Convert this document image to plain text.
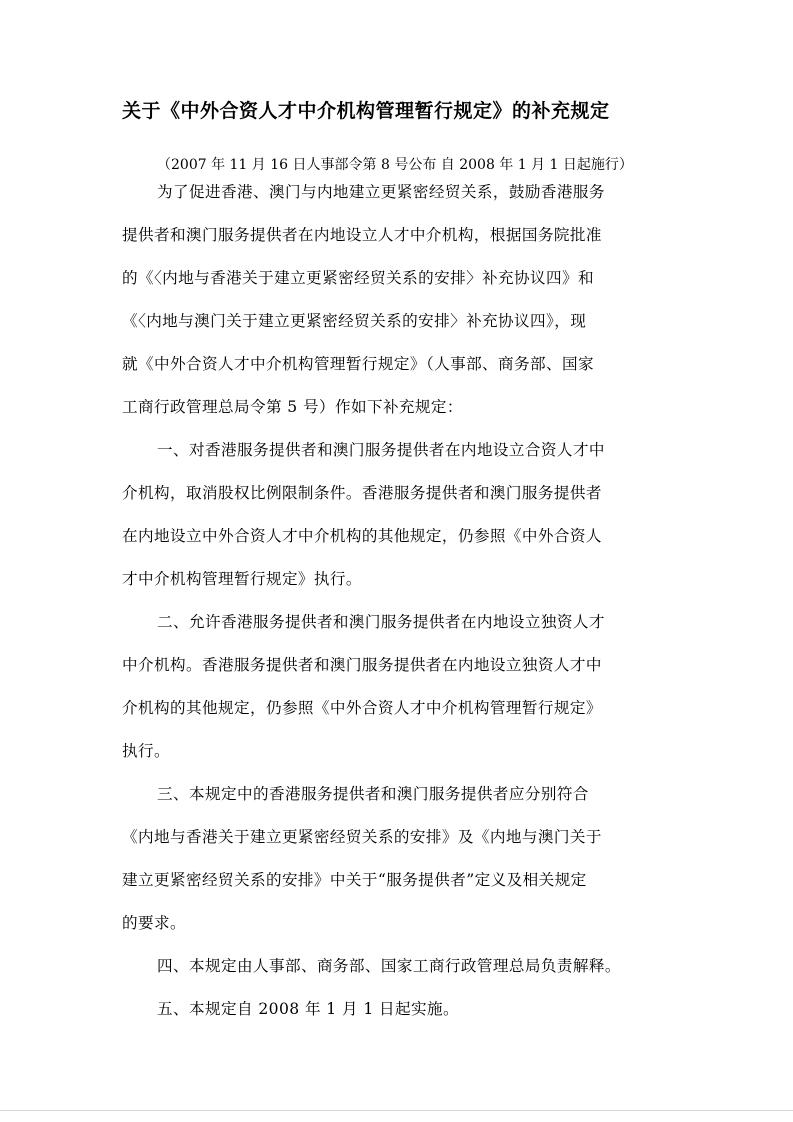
关于《中外合资人才中介机构管理暂行规定》的补充规定
（2007 年 11 月 16 日人事部令第 8 号公布 自 2008 年 1 月 1 日起施行）
为了促进香港、澳门与内地建立更紧密经贸关系，鼓励香港服务
提供者和澳门服务提供者在内地设立人才中介机构，根据国务院批准
的《〈内地与香港关于建立更紧密经贸关系的安排〉补充协议四》和
《〈内地与澳门关于建立更紧密经贸关系的安排〉补充协议四》，现
就《中外合资人才中介机构管理暂行规定》（人事部、商务部、国家
工商行政管理总局令第 5 号）作如下补充规定：
一、对香港服务提供者和澳门服务提供者在内地设立合资人才中
介机构，取消股权比例限制条件。香港服务提供者和澳门服务提供者
在内地设立中外合资人才中介机构的其他规定，仍参照《中外合资人
才中介机构管理暂行规定》执行。
二、允许香港服务提供者和澳门服务提供者在内地设立独资人才
中介机构。香港服务提供者和澳门服务提供者在内地设立独资人才中
介机构的其他规定，仍参照《中外合资人才中介机构管理暂行规定》
执行。
三、本规定中的香港服务提供者和澳门服务提供者应分别符合
《内地与香港关于建立更紧密经贸关系的安排》及《内地与澳门关于
建立更紧密经贸关系的安排》中关于“服务提供者”定义及相关规定
的要求。
四、本规定由人事部、商务部、国家工商行政管理总局负责解释。
五、本规定自 2008 年 1 月 1 日起实施。
